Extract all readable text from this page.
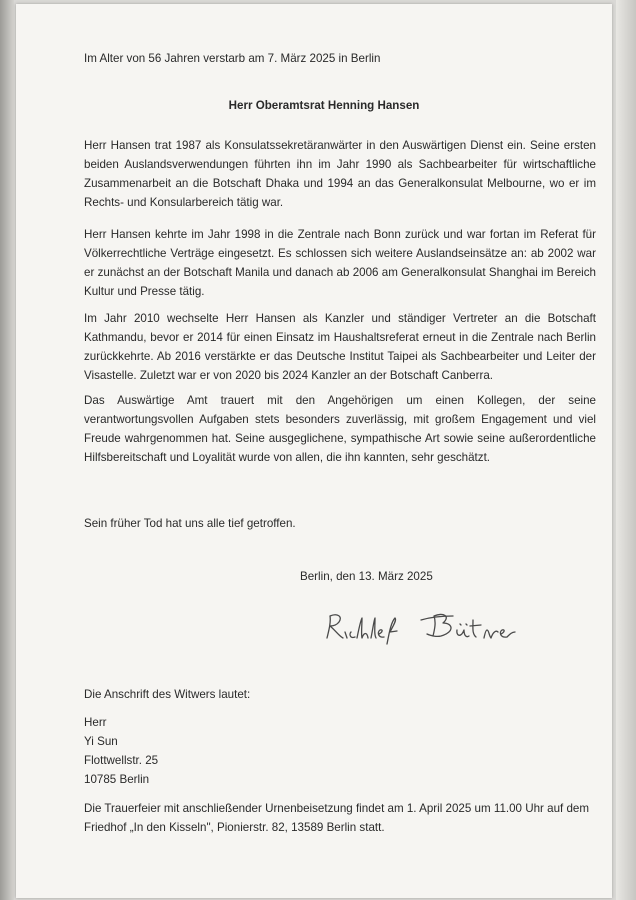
Im Alter von 56 Jahren verstarb am 7. März 2025 in Berlin

Herr Oberamtsrat Henning Hansen

Herr Hansen trat 1987 als Konsulatssekretäranwärter in den Auswärtigen Dienst ein. Seine ersten beiden Auslandsverwendungen führten ihn im Jahr 1990 als Sachbearbeiter für wirtschaftliche Zusammenarbeit an die Botschaft Dhaka und 1994 an das Generalkonsulat Melbourne, wo er im Rechts- und Konsularbereich tätig war.

Herr Hansen kehrte im Jahr 1998 in die Zentrale nach Bonn zurück und war fortan im Referat für Völkerrechtliche Verträge eingesetzt. Es schlossen sich weitere Auslandseinsätze an: ab 2002 war er zunächst an der Botschaft Manila und danach ab 2006 am Generalkonsulat Shanghai im Bereich Kultur und Presse tätig.

Im Jahr 2010 wechselte Herr Hansen als Kanzler und ständiger Vertreter an die Botschaft Kathmandu, bevor er 2014 für einen Einsatz im Haushaltsreferat erneut in die Zentrale nach Berlin zurückkehrte. Ab 2016 verstärkte er das Deutsche Institut Taipei als Sachbearbeiter und Leiter der Visastelle. Zuletzt war er von 2020 bis 2024 Kanzler an der Botschaft Canberra.

Das Auswärtige Amt trauert mit den Angehörigen um einen Kollegen, der seine verantwortungsvollen Aufgaben stets besonders zuverlässig, mit großem Engagement und viel Freude wahrgenommen hat. Seine ausgeglichene, sympathische Art sowie seine außerordentliche Hilfsbereitschaft und Loyalität wurde von allen, die ihn kannten, sehr geschätzt.

Sein früher Tod hat uns alle tief getroffen.

Berlin, den 13. März 2025

Die Anschrift des Witwers lautet:

Herr
Yi Sun
Flottwellstr. 25
10785 Berlin

Die Trauerfeier mit anschließender Urnenbeisetzung findet am 1. April 2025 um 11.00 Uhr auf dem Friedhof „In den Kisseln", Pionierstr. 82, 13589 Berlin statt.
